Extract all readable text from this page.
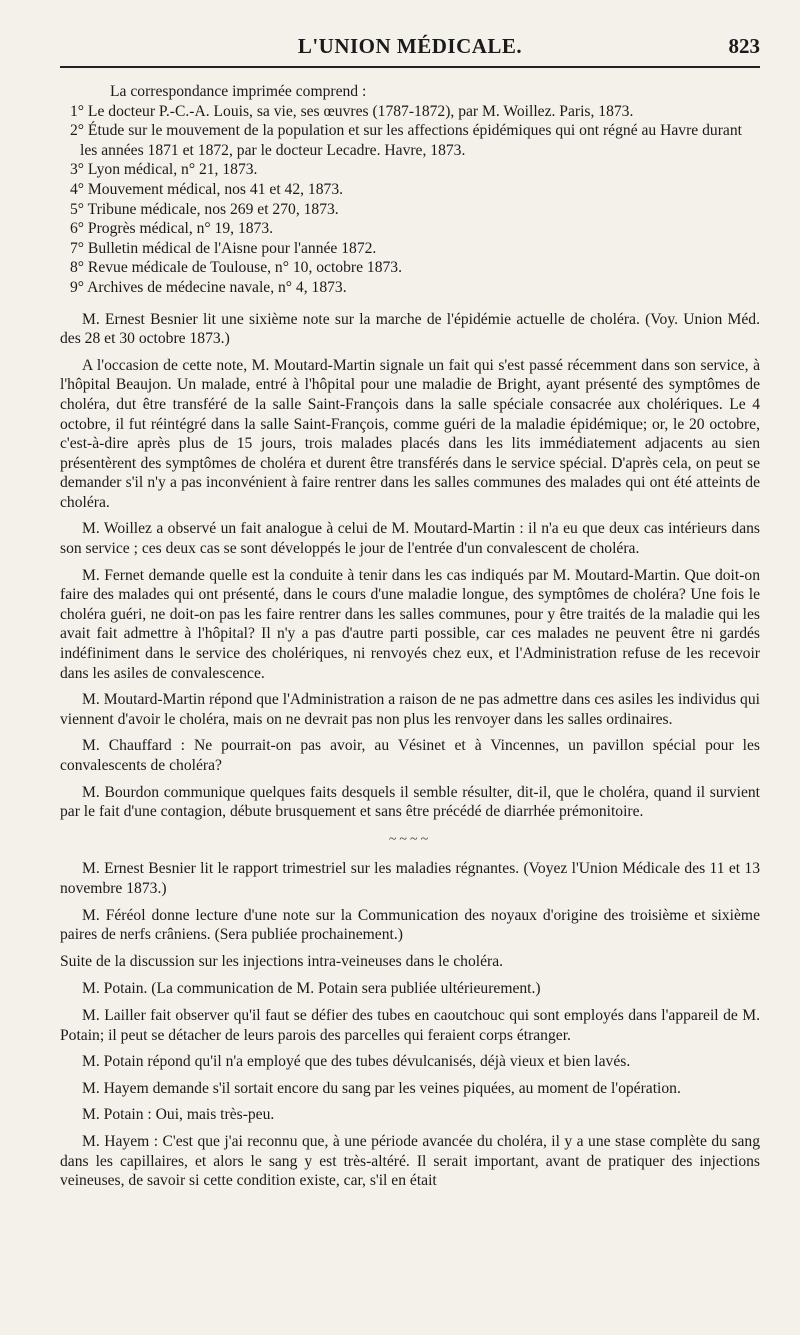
L'UNION MÉDICALE.	823

La correspondance imprimée comprend :

1° Le docteur P.-C.-A. Louis, sa vie, ses œuvres (1787-1872), par M. Woillez. Paris, 1873.
2° Étude sur le mouvement de la population et sur les affections épidémiques qui ont régné au Havre durant les années 1871 et 1872, par le docteur Lecadre. Havre, 1873.
3° Lyon médical, n° 21, 1873.
4° Mouvement médical, nos 41 et 42, 1873.
5° Tribune médicale, nos 269 et 270, 1873.
6° Progrès médical, n° 19, 1873.
7° Bulletin médical de l'Aisne pour l'année 1872.
8° Revue médicale de Toulouse, n° 10, octobre 1873.
9° Archives de médecine navale, n° 4, 1873.

M. Ernest Besnier lit une sixième note sur la marche de l'épidémie actuelle de choléra. (Voy. Union Méd. des 28 et 30 octobre 1873.)

A l'occasion de cette note, M. Moutard-Martin signale un fait qui s'est passé récemment dans son service, à l'hôpital Beaujon. Un malade, entré à l'hôpital pour une maladie de Bright, ayant présenté des symptômes de choléra, dut être transféré de la salle Saint-François dans la salle spéciale consacrée aux cholériques. Le 4 octobre, il fut réintégré dans la salle Saint-François, comme guéri de la maladie épidémique; or, le 20 octobre, c'est-à-dire après plus de 15 jours, trois malades placés dans les lits immédiatement adjacents au sien présentèrent des symptômes de choléra et durent être transférés dans le service spécial. D'après cela, on peut se demander s'il n'y a pas inconvénient à faire rentrer dans les salles communes des malades qui ont été atteints de choléra.

M. Woillez a observé un fait analogue à celui de M. Moutard-Martin : il n'a eu que deux cas intérieurs dans son service ; ces deux cas se sont développés le jour de l'entrée d'un convalescent de choléra.

M. Fernet demande quelle est la conduite à tenir dans les cas indiqués par M. Moutard-Martin. Que doit-on faire des malades qui ont présenté, dans le cours d'une maladie longue, des symptômes de choléra? Une fois le choléra guéri, ne doit-on pas les faire rentrer dans les salles communes, pour y être traités de la maladie qui les avait fait admettre à l'hôpital? Il n'y a pas d'autre parti possible, car ces malades ne peuvent être ni gardés indéfiniment dans le service des cholériques, ni renvoyés chez eux, et l'Administration refuse de les recevoir dans les asiles de convalescence.

M. Moutard-Martin répond que l'Administration a raison de ne pas admettre dans ces asiles les individus qui viennent d'avoir le choléra, mais on ne devrait pas non plus les renvoyer dans les salles ordinaires.

M. Chauffard : Ne pourrait-on pas avoir, au Vésinet et à Vincennes, un pavillon spécial pour les convalescents de choléra?

M. Bourdon communique quelques faits desquels il semble résulter, dit-il, que le choléra, quand il survient par le fait d'une contagion, débute brusquement et sans être précédé de diarrhée prémonitoire.

~~~~

M. Ernest Besnier lit le rapport trimestriel sur les maladies régnantes. (Voyez l'Union Médicale des 11 et 13 novembre 1873.)

M. Féréol donne lecture d'une note sur la Communication des noyaux d'origine des troisième et sixième paires de nerfs crâniens. (Sera publiée prochainement.)

Suite de la discussion sur les injections intra-veineuses dans le choléra.

M. Potain. (La communication de M. Potain sera publiée ultérieurement.)

M. Lailler fait observer qu'il faut se défier des tubes en caoutchouc qui sont employés dans l'appareil de M. Potain; il peut se détacher de leurs parois des parcelles qui feraient corps étranger.

M. Potain répond qu'il n'a employé que des tubes dévulcanisés, déjà vieux et bien lavés.

M. Hayem demande s'il sortait encore du sang par les veines piquées, au moment de l'opération.

M. Potain : Oui, mais très-peu.

M. Hayem : C'est que j'ai reconnu que, à une période avancée du choléra, il y a une stase complète du sang dans les capillaires, et alors le sang y est très-altéré. Il serait important, avant de pratiquer des injections veineuses, de savoir si cette condition existe, car, s'il en était
